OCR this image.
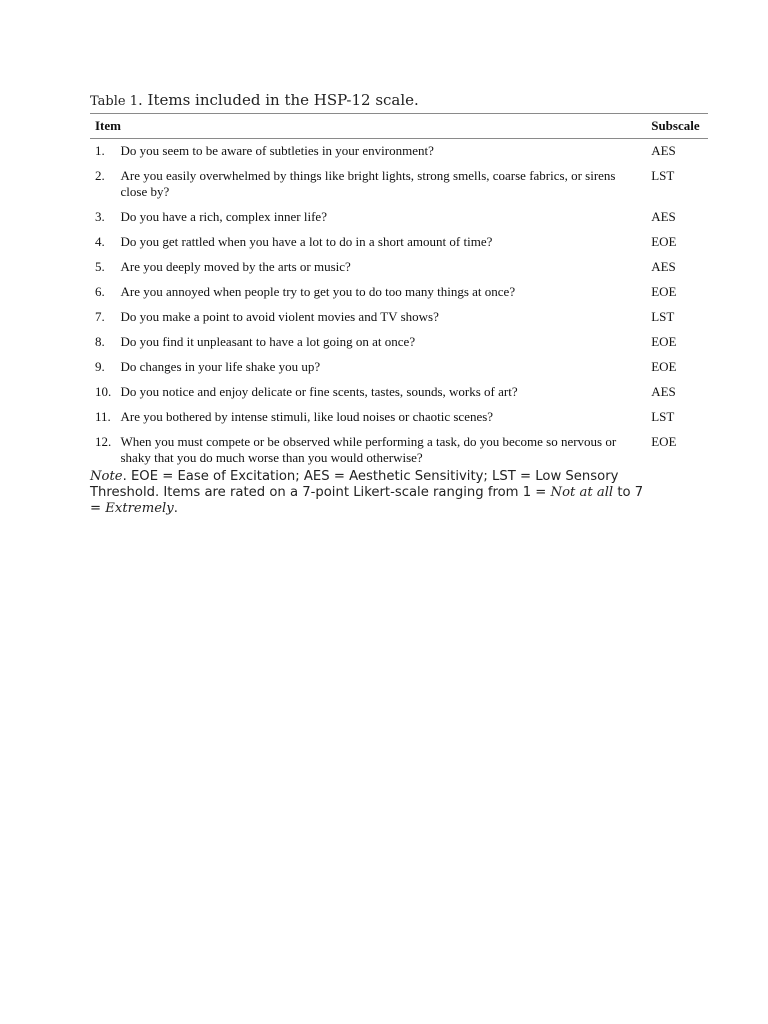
Table 1. Items included in the HSP-12 scale.
Item		Subscale
1.	Do you seem to be aware of subtleties in your environment?	AES
2.	Are you easily overwhelmed by things like bright lights, strong smells, coarse fabrics, or sirens close by?	LST
3.	Do you have a rich, complex inner life?	AES
4.	Do you get rattled when you have a lot to do in a short amount of time?	EOE
5.	Are you deeply moved by the arts or music?	AES
6.	Are you annoyed when people try to get you to do too many things at once?	EOE
7.	Do you make a point to avoid violent movies and TV shows?	LST
8.	Do you find it unpleasant to have a lot going on at once?	EOE
9.	Do changes in your life shake you up?	EOE
10.	Do you notice and enjoy delicate or fine scents, tastes, sounds, works of art?	AES
11.	Are you bothered by intense stimuli, like loud noises or chaotic scenes?	LST
12.	When you must compete or be observed while performing a task, do you become so nervous or shaky that you do much worse than you would otherwise?	EOE
Note. EOE = Ease of Excitation; AES = Aesthetic Sensitivity; LST = Low Sensory Threshold. Items are rated on a 7-point Likert-scale ranging from 1 = Not at all to 7 = Extremely.
